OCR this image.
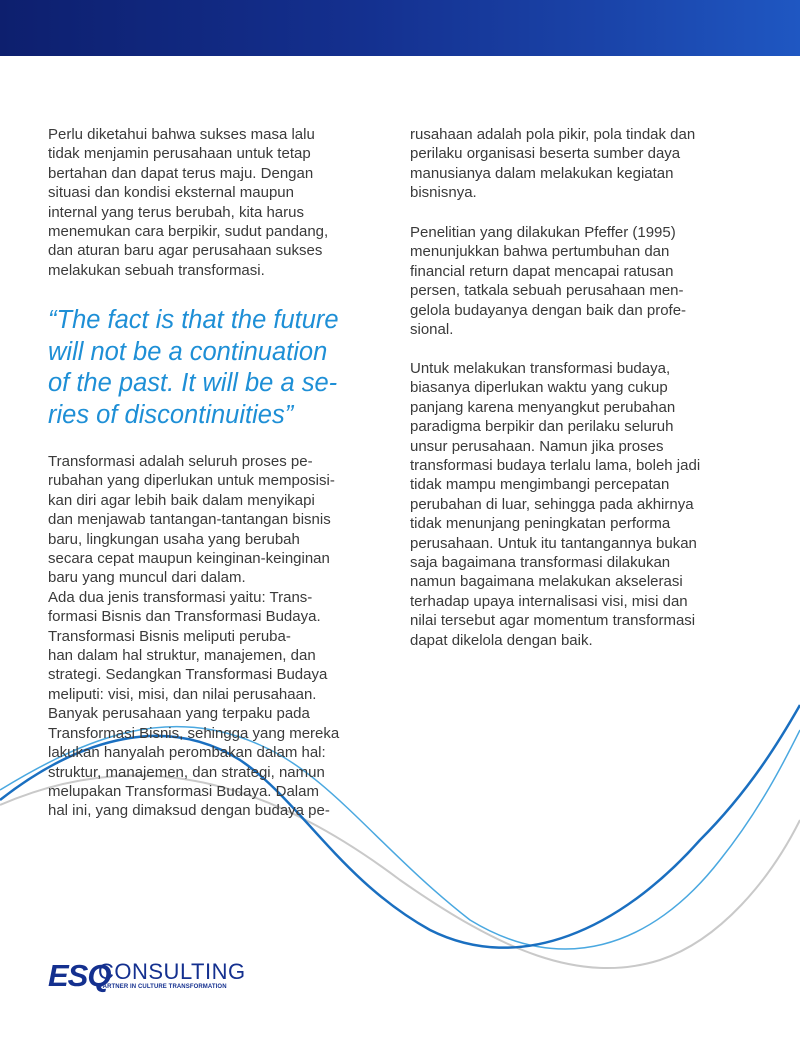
Perlu diketahui bahwa sukses masa lalu
tidak menjamin perusahaan untuk tetap
bertahan dan dapat terus maju. Dengan
situasi dan kondisi eksternal maupun
internal yang terus berubah, kita harus
menemukan cara berpikir, sudut pandang,
dan aturan baru agar perusahaan sukses
melakukan sebuah transformasi.

“The fact is that the future
will not be a continuation
of the past. It will be a se-
ries of discontinuities”

Transformasi adalah seluruh proses pe-
rubahan yang diperlukan untuk memposisi-
kan diri agar lebih baik dalam menyikapi
dan menjawab tantangan-tantangan bisnis
baru, lingkungan usaha yang berubah
secara cepat maupun keinginan-keinginan
baru yang muncul dari dalam.
Ada dua jenis transformasi yaitu: Trans-
formasi Bisnis dan Transformasi Budaya.
Transformasi Bisnis meliputi peruba-
han dalam hal struktur, manajemen, dan
strategi. Sedangkan Transformasi Budaya
meliputi: visi, misi, dan nilai perusahaan.
Banyak perusahaan yang terpaku pada
Transformasi Bisnis, sehingga yang mereka
lakukan hanyalah perombakan dalam hal:
struktur, manajemen, dan strategi, namun
melupakan Transformasi Budaya. Dalam
hal ini, yang dimaksud dengan budaya pe-

rusahaan adalah pola pikir, pola tindak dan
perilaku organisasi beserta sumber daya
manusianya dalam melakukan kegiatan
bisnisnya.

Penelitian yang dilakukan Pfeffer (1995)
menunjukkan bahwa pertumbuhan dan
financial return dapat mencapai ratusan
persen, tatkala sebuah perusahaan men-
gelola budayanya dengan baik dan profe-
sional.

Untuk melakukan transformasi budaya,
biasanya diperlukan waktu yang cukup
panjang karena menyangkut perubahan
paradigma berpikir dan perilaku seluruh
unsur perusahaan. Namun jika proses
transformasi budaya terlalu lama, boleh jadi
tidak mampu mengimbangi percepatan
perubahan di luar, sehingga pada akhirnya
tidak menunjang peningkatan performa
perusahaan. Untuk itu tantangannya bukan
saja bagaimana transformasi dilakukan
namun bagaimana melakukan akselerasi
terhadap upaya internalisasi visi, misi dan
nilai tersebut agar momentum transformasi
dapat dikelola dengan baik.

ESQ
CONSULTING
PARTNER IN CULTURE TRANSFORMATION
